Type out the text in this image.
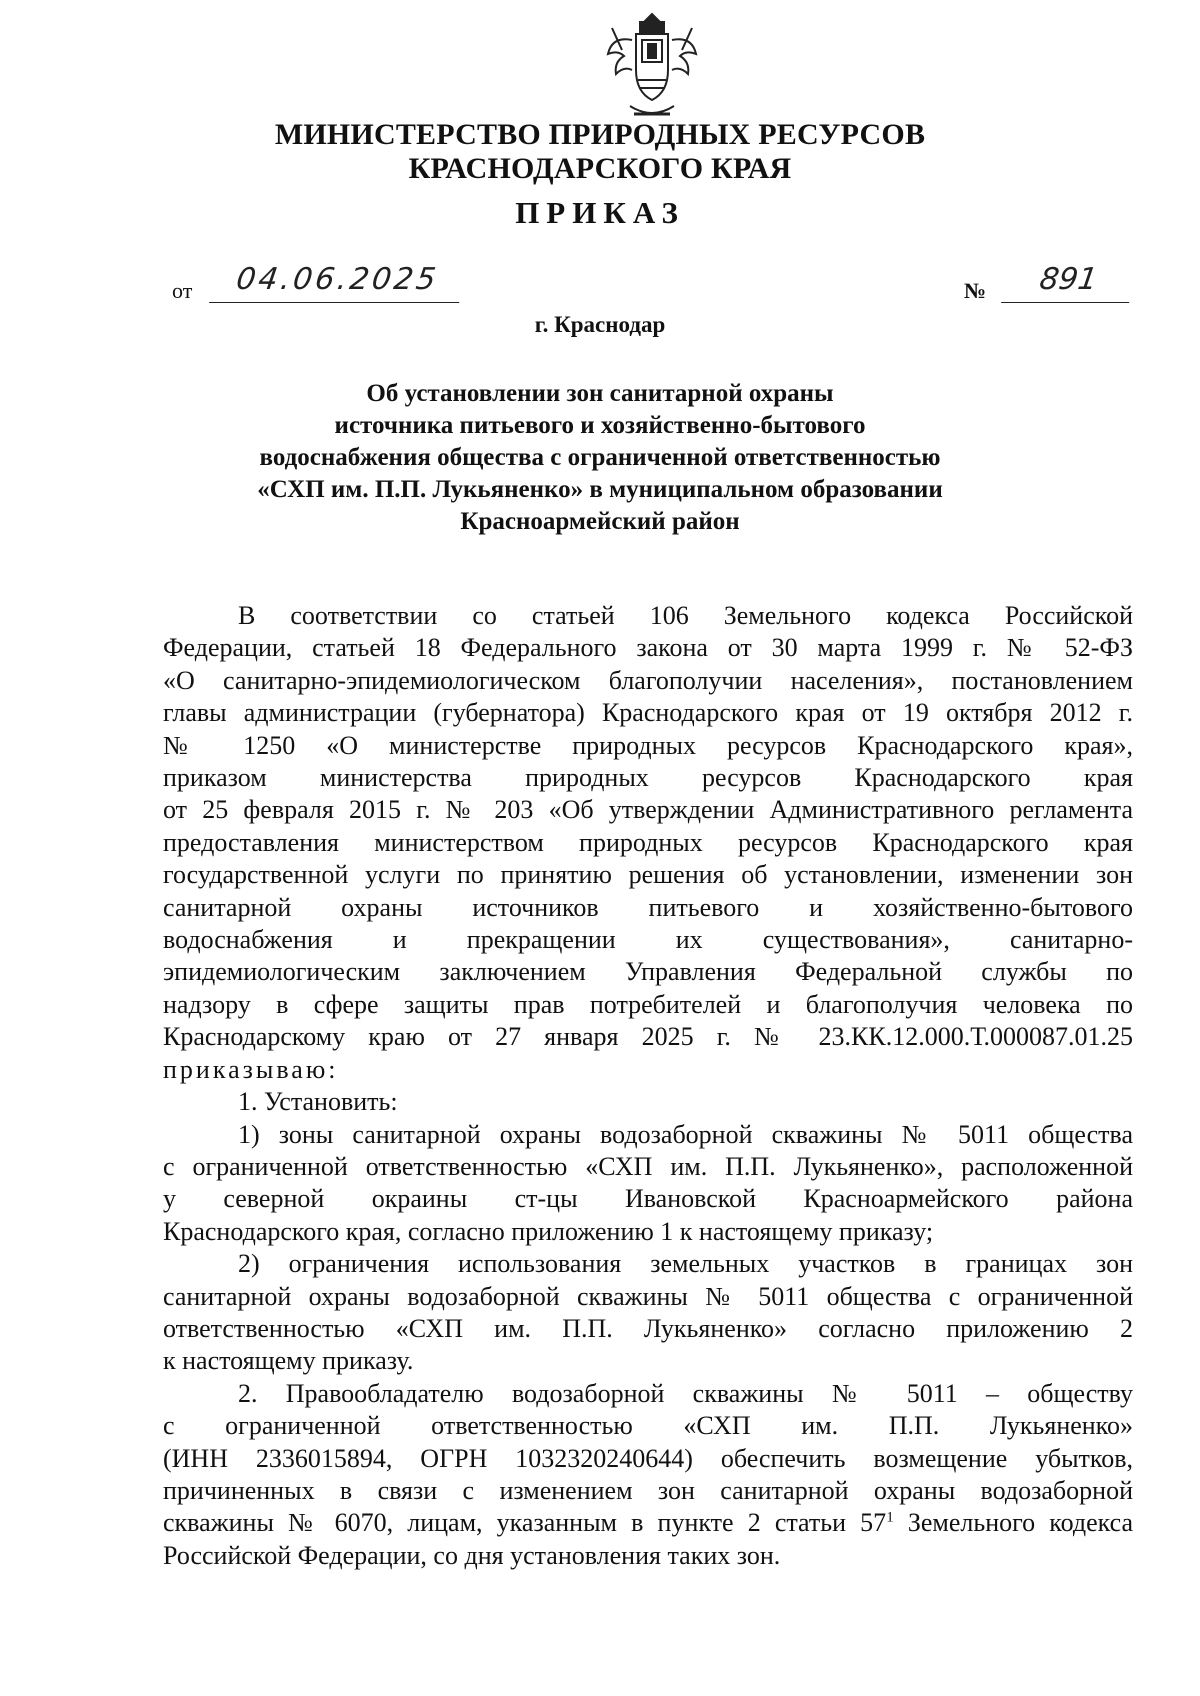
МИНИСТЕРСТВО ПРИРОДНЫХ РЕСУРСОВ
КРАСНОДАРСКОГО КРАЯ
ПРИКАЗ
от	04.06.2025	№	891
г. Краснодар
Об установлении зон санитарной охраны
источника питьевого и хозяйственно-бытового
водоснабжения общества с ограниченной ответственностью
«СХП им. П.П. Лукьяненко» в муниципальном образовании
Красноармейский район
В соответствии со статьей 106 Земельного кодекса Российской
Федерации, статьей 18 Федерального закона от 30 марта 1999 г. № 52-ФЗ
«О санитарно-эпидемиологическом благополучии населения», постановлением
главы администрации (губернатора) Краснодарского края от 19 октября 2012 г.
№ 1250 «О министерстве природных ресурсов Краснодарского края»,
приказом министерства природных ресурсов Краснодарского края
от 25 февраля 2015 г. № 203 «Об утверждении Административного регламента
предоставления министерством природных ресурсов Краснодарского края
государственной услуги по принятию решения об установлении, изменении зон
санитарной охраны источников питьевого и хозяйственно-бытового
водоснабжения и прекращении их существования», санитарно-
эпидемиологическим заключением Управления Федеральной службы по
надзору в сфере защиты прав потребителей и благополучия человека по
Краснодарскому краю от 27 января 2025 г. № 23.КК.12.000.Т.000087.01.25
приказываю:
1. Установить:
1) зоны санитарной охраны водозаборной скважины № 5011 общества
с ограниченной ответственностью «СХП им. П.П. Лукьяненко», расположенной
у северной окраины ст-цы Ивановской Красноармейского района
Краснодарского края, согласно приложению 1 к настоящему приказу;
2) ограничения использования земельных участков в границах зон
санитарной охраны водозаборной скважины № 5011 общества с ограниченной
ответственностью «СХП им. П.П. Лукьяненко» согласно приложению 2
к настоящему приказу.
2. Правообладателю водозаборной скважины № 5011 – обществу
с ограниченной ответственностью «СХП им. П.П. Лукьяненко»
(ИНН 2336015894, ОГРН 1032320240644) обеспечить возмещение убытков,
причиненных в связи с изменением зон санитарной охраны водозаборной
скважины № 6070, лицам, указанным в пункте 2 статьи $57^1$ Земельного кодекса
Российской Федерации, со дня установления таких зон.
